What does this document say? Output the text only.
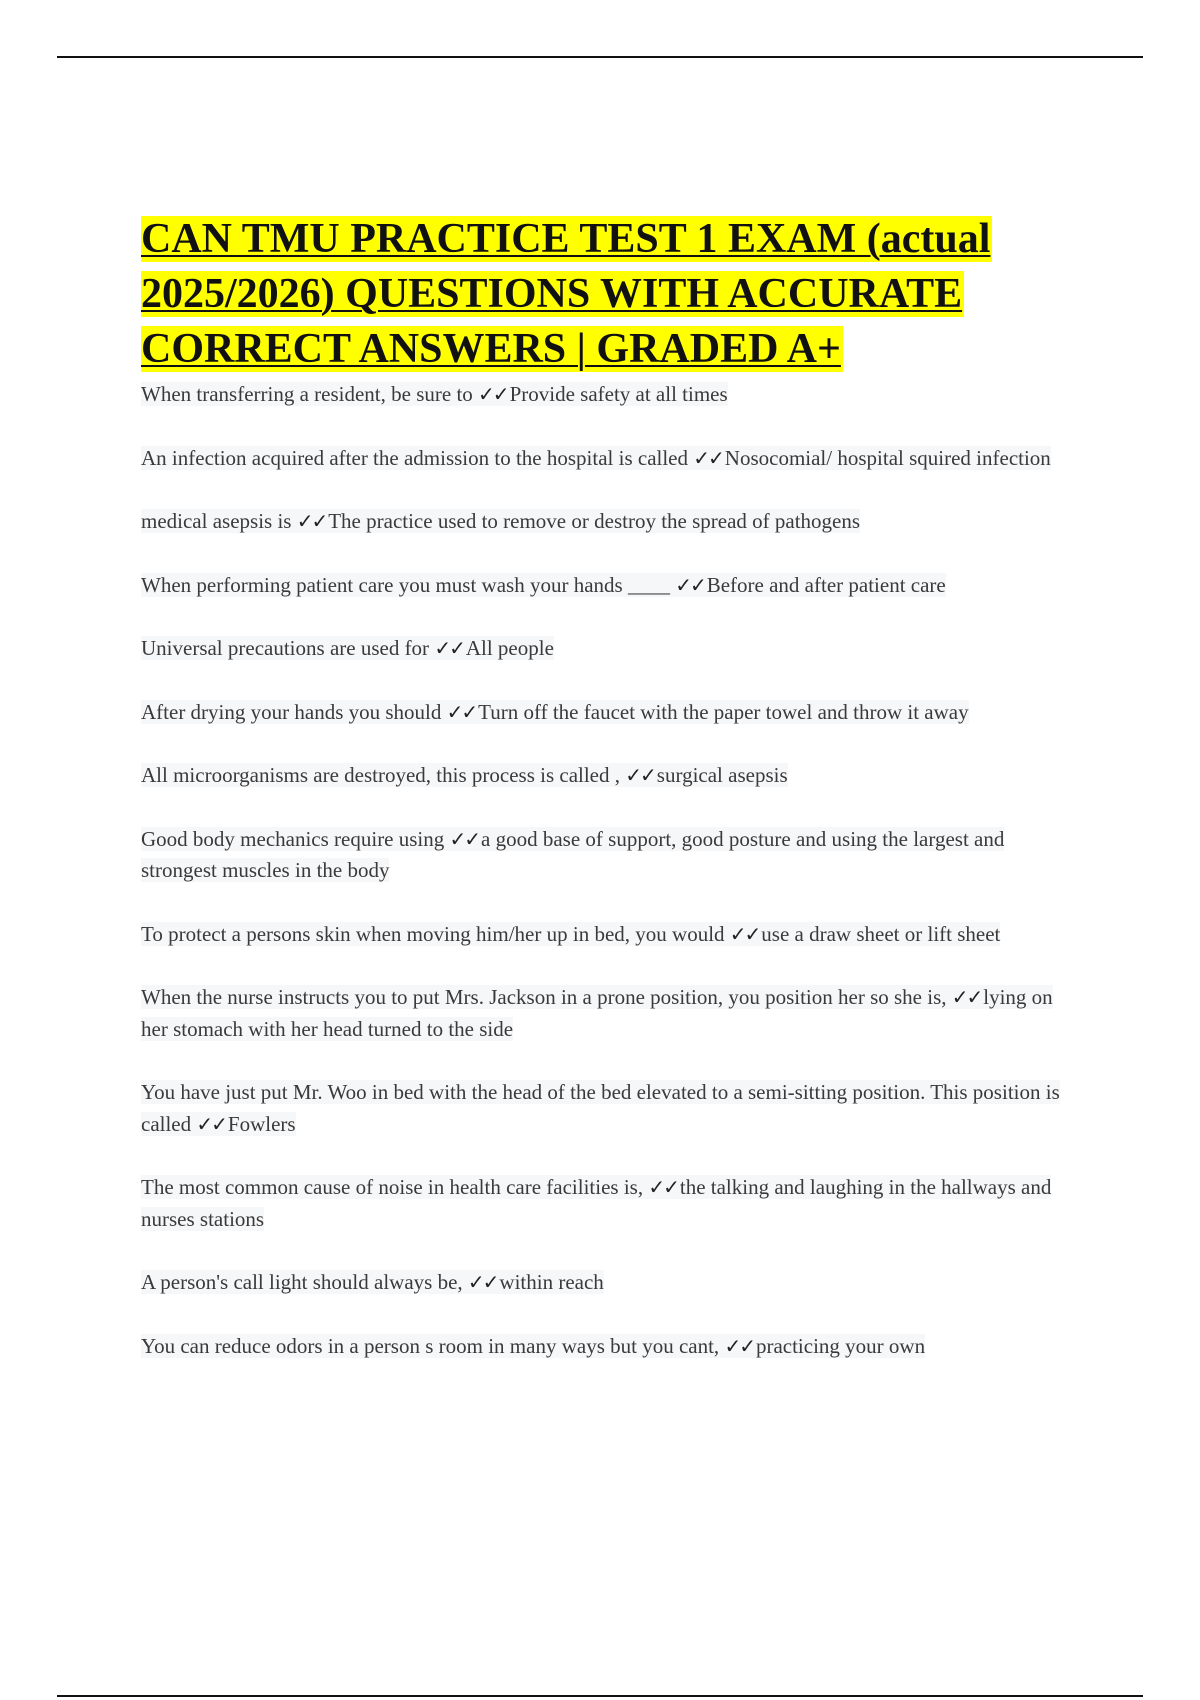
CAN TMU PRACTICE TEST 1 EXAM (actual
2025/2026) QUESTIONS WITH ACCURATE
CORRECT ANSWERS | GRADED A+
When transferring a resident, be sure to ✓✓Provide safety at all times
An infection acquired after the admission to the hospital is called ✓✓Nosocomial/ hospital squired infection
medical asepsis is ✓✓The practice used to remove or destroy the spread of pathogens
When performing patient care you must wash your hands ____ ✓✓Before and after patient care
Universal precautions are used for ✓✓All people
After drying your hands you should ✓✓Turn off the faucet with the paper towel and throw it away
All microorganisms are destroyed, this process is called , ✓✓surgical asepsis
Good body mechanics require using ✓✓a good base of support, good posture and using the largest and strongest muscles in the body
To protect a persons skin when moving him/her up in bed, you would ✓✓use a draw sheet or lift sheet
When the nurse instructs you to put Mrs. Jackson in a prone position, you position her so she is, ✓✓lying on her stomach with her head turned to the side
You have just put Mr. Woo in bed with the head of the bed elevated to a semi-sitting position. This position is called ✓✓Fowlers
The most common cause of noise in health care facilities is, ✓✓the talking and laughing in the hallways and nurses stations
A person's call light should always be, ✓✓within reach
You can reduce odors in a person s room in many ways but you cant, ✓✓practicing your own
